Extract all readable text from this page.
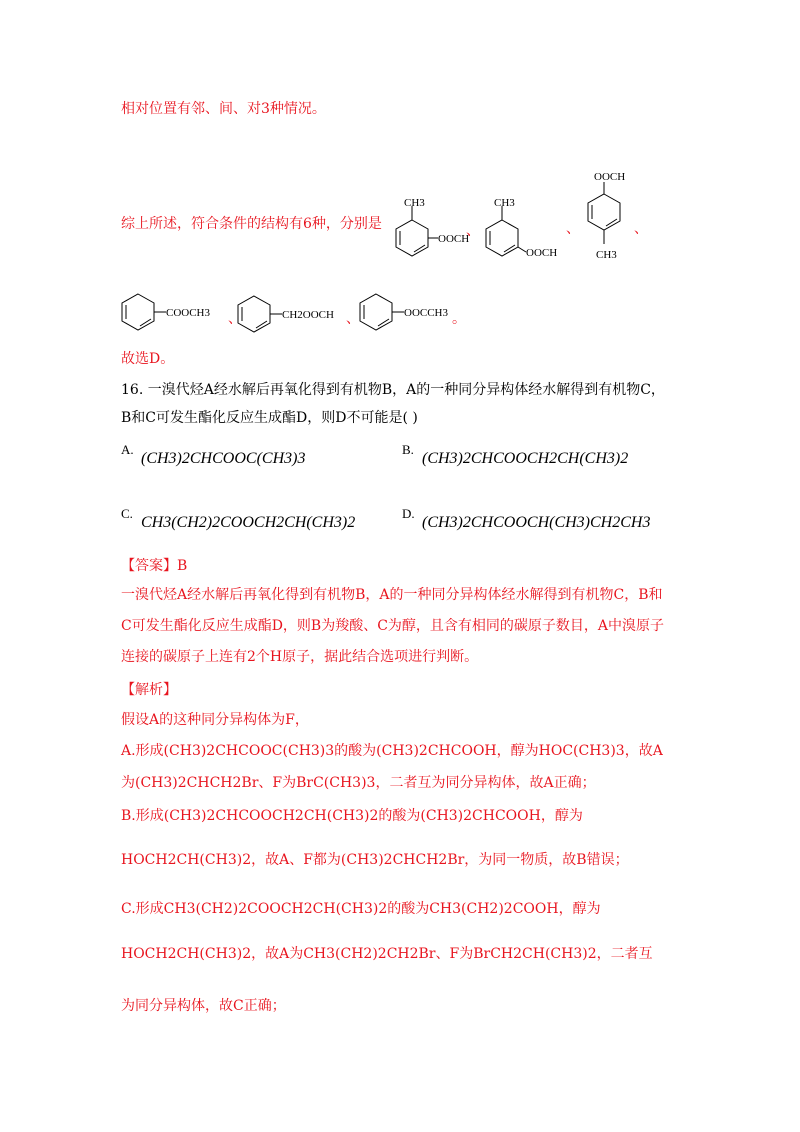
相对位置有邻、间、对3种情况。
综上所述，符合条件的结构有6种，分别是
CH3
OOCH
、
CH3
OOCH
、
OOCH
CH3
、
COOCH3 、	CH2OOCH 、	OOCCH3 。
故选D。
16. 一溴代烃A经水解后再氧化得到有机物B，A的一种同分异构体经水解得到有机物C，
B和C可发生酯化反应生成酯D，则D不可能是( )
A.
(CH3)2CHCOOC(CH3)3
B.
(CH3)2CHCOOCH2CH(CH3)2
C.
CH3(CH2)2COOCH2CH(CH3)2
D.
(CH3)2CHCOOCH(CH3)CH2CH3
【答案】B
一溴代烃A经水解后再氧化得到有机物B，A的一种同分异构体经水解得到有机物C，B和
C可发生酯化反应生成酯D，则B为羧酸、C为醇，且含有相同的碳原子数目，A中溴原子
连接的碳原子上连有2个H原子，据此结合选项进行判断。
【解析】
假设A的这种同分异构体为F，
A.形成(CH3)2CHCOOC(CH3)3的酸为(CH3)2CHCOOH，醇为HOC(CH3)3，故A
为(CH3)2CHCH2Br、F为BrC(CH3)3，二者互为同分异构体，故A正确；
B.形成(CH3)2CHCOOCH2CH(CH3)2的酸为(CH3)2CHCOOH，醇为
HOCH2CH(CH3)2，故A、F都为(CH3)2CHCH2Br，为同一物质，故B错误；
C.形成CH3(CH2)2COOCH2CH(CH3)2的酸为CH3(CH2)2COOH，醇为
HOCH2CH(CH3)2，故A为CH3(CH2)2CH2Br、F为BrCH2CH(CH3)2，二者互
为同分异构体，故C正确；
